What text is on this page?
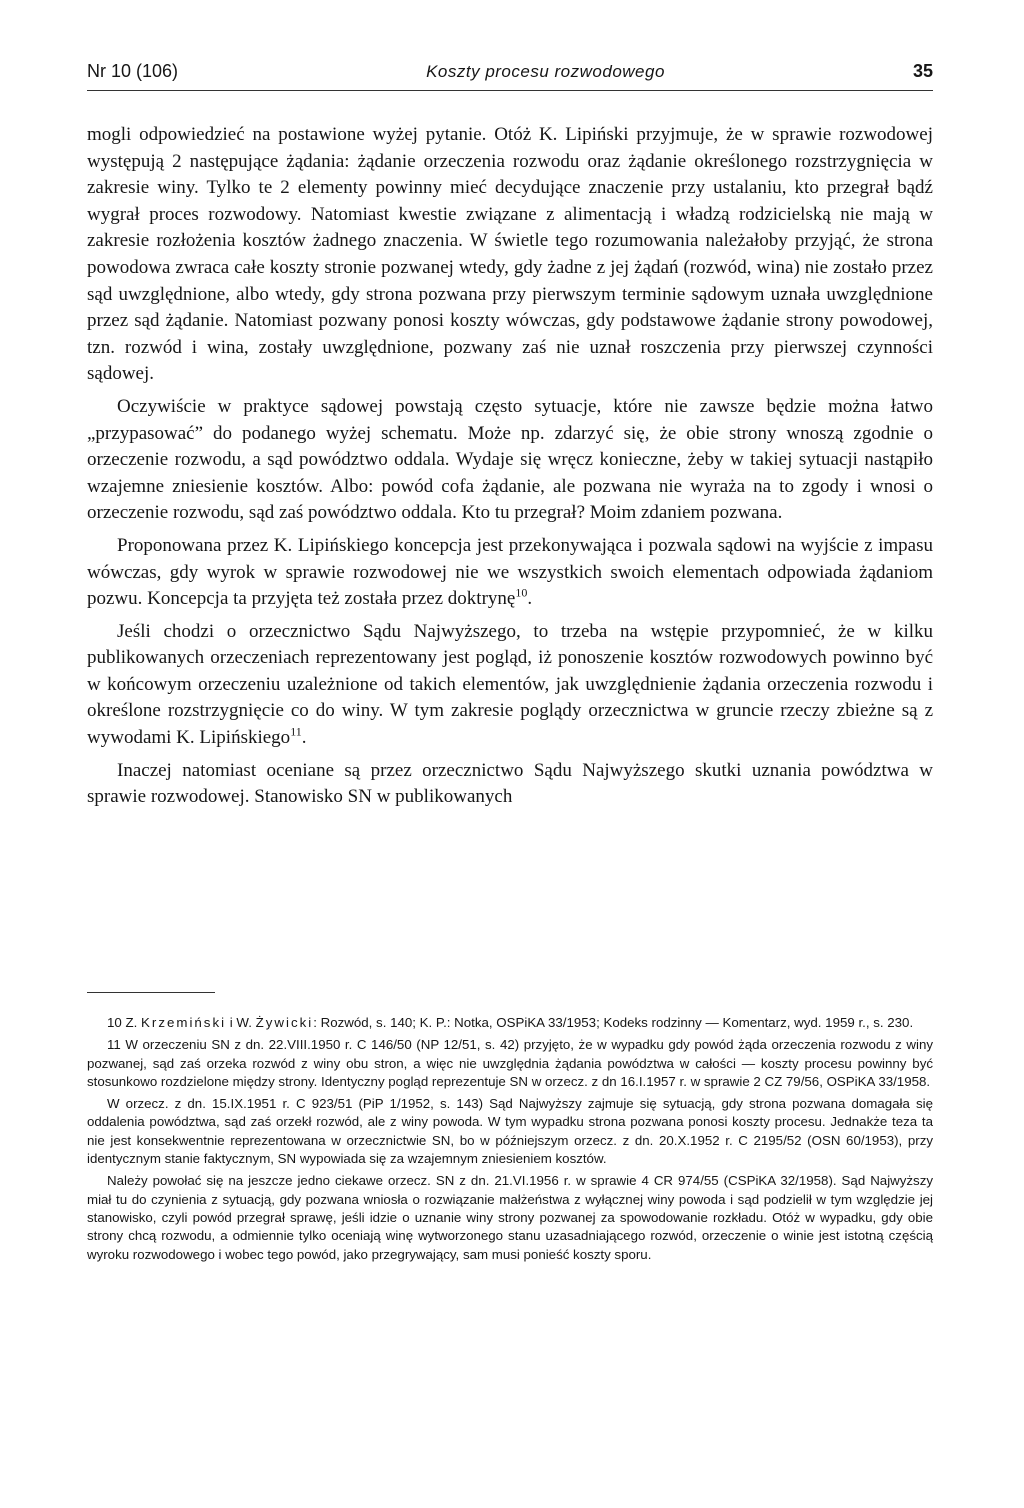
Nr 10 (106)	Koszty procesu rozwodowego	35

mogli odpowiedzieć na postawione wyżej pytanie. Otóż K. Lipiński przyjmuje, że w sprawie rozwodowej występują 2 następujące żądania: żądanie orzeczenia rozwodu oraz żądanie określonego rozstrzygnięcia w zakresie winy. Tylko te 2 elementy powinny mieć decydujące znaczenie przy ustalaniu, kto przegrał bądź wygrał proces rozwodowy. Natomiast kwestie związane z alimentacją i władzą rodzicielską nie mają w zakresie rozłożenia kosztów żadnego znaczenia. W świetle tego rozumowania należałoby przyjąć, że strona powodowa zwraca całe koszty stronie pozwanej wtedy, gdy żadne z jej żądań (rozwód, wina) nie zostało przez sąd uwzględnione, albo wtedy, gdy strona pozwana przy pierwszym terminie sądowym uznała uwzględnione przez sąd żądanie. Natomiast pozwany ponosi koszty wówczas, gdy podstawowe żądanie strony powodowej, tzn. rozwód i wina, zostały uwzględnione, pozwany zaś nie uznał roszczenia przy pierwszej czynności sądowej.

Oczywiście w praktyce sądowej powstają często sytuacje, które nie zawsze będzie można łatwo „przypasować” do podanego wyżej schematu. Może np. zdarzyć się, że obie strony wnoszą zgodnie o orzeczenie rozwodu, a sąd powództwo oddala. Wydaje się wręcz konieczne, żeby w takiej sytuacji nastąpiło wzajemne zniesienie kosztów. Albo: powód cofa żądanie, ale pozwana nie wyraża na to zgody i wnosi o orzeczenie rozwodu, sąd zaś powództwo oddala. Kto tu przegrał? Moim zdaniem pozwana.

Proponowana przez K. Lipińskiego koncepcja jest przekonywająca i pozwala sądowi na wyjście z impasu wówczas, gdy wyrok w sprawie rozwodowej nie we wszystkich swoich elementach odpowiada żądaniom pozwu. Koncepcja ta przyjęta też została przez doktrynę$^{10}$.

Jeśli chodzi o orzecznictwo Sądu Najwyższego, to trzeba na wstępie przypomnieć, że w kilku publikowanych orzeczeniach reprezentowany jest pogląd, iż ponoszenie kosztów rozwodowych powinno być w końcowym orzeczeniu uzależnione od takich elementów, jak uwzględnienie żądania orzeczenia rozwodu i określone rozstrzygnięcie co do winy. W tym zakresie poglądy orzecznictwa w gruncie rzeczy zbieżne są z wywodami K. Lipińskiego$^{11}$.

Inaczej natomiast oceniane są przez orzecznictwo Sądu Najwyższego skutki uznania powództwa w sprawie rozwodowej. Stanowisko SN w publikowanych

10 Z. Krzemiński i W. Żywicki: Rozwód, s. 140; K. P.: Notka, OSPiKA 33/1953; Kodeks rodzinny — Komentarz, wyd. 1959 r., s. 230.

11 W orzeczeniu SN z dn. 22.VIII.1950 r. C 146/50 (NP 12/51, s. 42) przyjęto, że w wypadku gdy powód żąda orzeczenia rozwodu z winy pozwanej, sąd zaś orzeka rozwód z winy obu stron, a więc nie uwzględnia żądania powództwa w całości — koszty procesu powinny być stosunkowo rozdzielone między strony. Identyczny pogląd reprezentuje SN w orzecz. z dn 16.I.1957 r. w sprawie 2 CZ 79/56, OSPiKA 33/1958.

W orzecz. z dn. 15.IX.1951 r. C 923/51 (PiP 1/1952, s. 143) Sąd Najwyższy zajmuje się sytuacją, gdy strona pozwana domagała się oddalenia powództwa, sąd zaś orzekł rozwód, ale z winy powoda. W tym wypadku strona pozwana ponosi koszty procesu. Jednakże teza ta nie jest konsekwentnie reprezentowana w orzecznictwie SN, bo w późniejszym orzecz. z dn. 20.X.1952 r. C 2195/52 (OSN 60/1953), przy identycznym stanie faktycznym, SN wypowiada się za wzajemnym zniesieniem kosztów.

Należy powołać się na jeszcze jedno ciekawe orzecz. SN z dn. 21.VI.1956 r. w sprawie 4 CR 974/55 (CSPiKA 32/1958). Sąd Najwyższy miał tu do czynienia z sytuacją, gdy pozwana wniosła o rozwiązanie małżeństwa z wyłącznej winy powoda i sąd podzielił w tym względzie jej stanowisko, czyli powód przegrał sprawę, jeśli idzie o uznanie winy strony pozwanej za spowodowanie rozkładu. Otóż w wypadku, gdy obie strony chcą rozwodu, a odmiennie tylko oceniają winę wytworzonego stanu uzasadniającego rozwód, orzeczenie o winie jest istotną częścią wyroku rozwodowego i wobec tego powód, jako przegrywający, sam musi ponieść koszty sporu.
